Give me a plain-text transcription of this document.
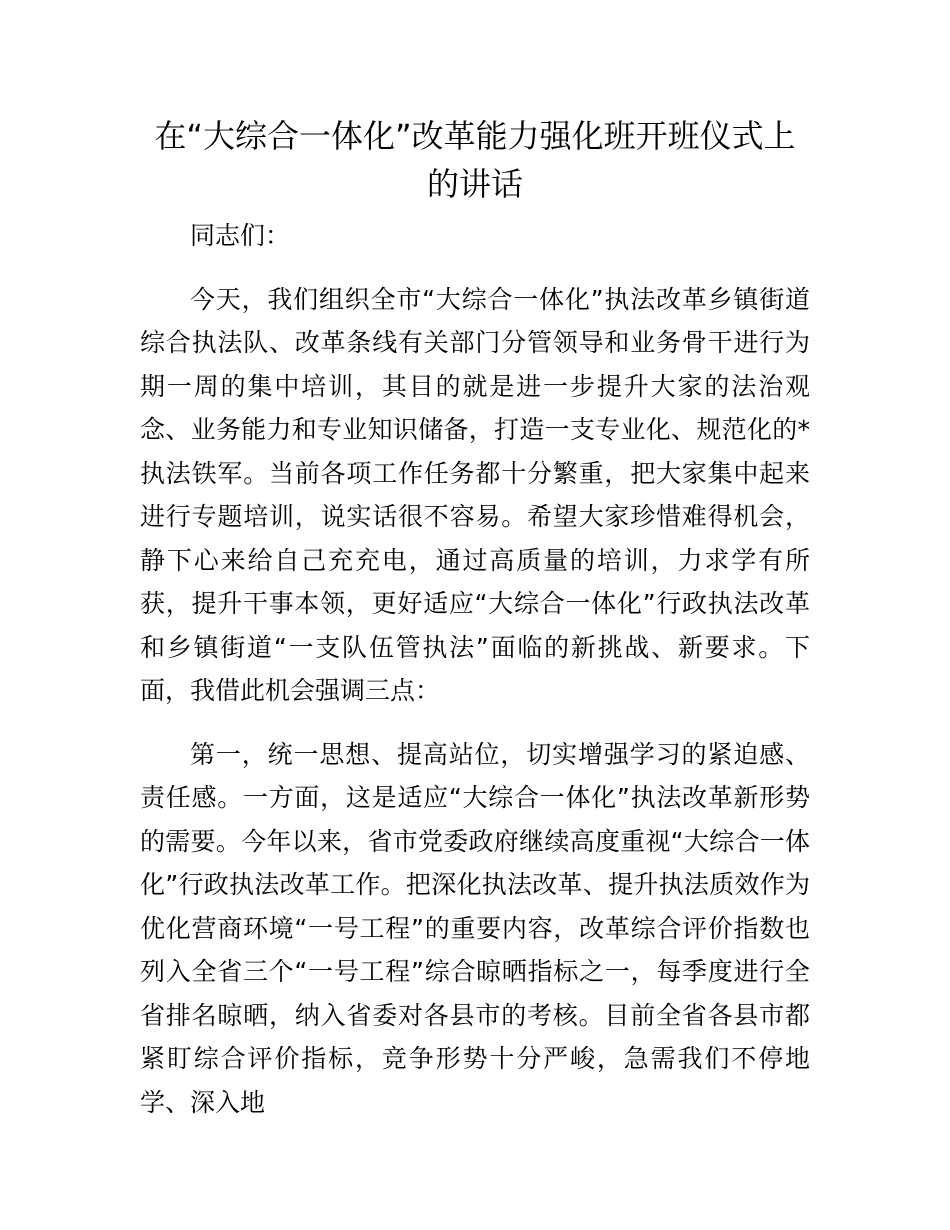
在“大综合一体化”改革能力强化班开班仪式上的讲话

同志们：

今天，我们组织全市“大综合一体化”执法改革乡镇街道综合执法队、改革条线有关部门分管领导和业务骨干进行为期一周的集中培训，其目的就是进一步提升大家的法治观念、业务能力和专业知识储备，打造一支专业化、规范化的*执法铁军。当前各项工作任务都十分繁重，把大家集中起来进行专题培训，说实话很不容易。希望大家珍惜难得机会，静下心来给自己充充电，通过高质量的培训，力求学有所获，提升干事本领，更好适应“大综合一体化”行政执法改革和乡镇街道“一支队伍管执法”面临的新挑战、新要求。下面，我借此机会强调三点：

第一，统一思想、提高站位，切实增强学习的紧迫感、责任感。一方面，这是适应“大综合一体化”执法改革新形势的需要。今年以来，省市党委政府继续高度重视“大综合一体化”行政执法改革工作。把深化执法改革、提升执法质效作为优化营商环境“一号工程”的重要内容，改革综合评价指数也列入全省三个“一号工程”综合晾晒指标之一，每季度进行全省排名晾晒，纳入省委对各县市的考核。目前全省各县市都紧盯综合评价指标，竞争形势十分严峻，急需我们不停地学、深入地
